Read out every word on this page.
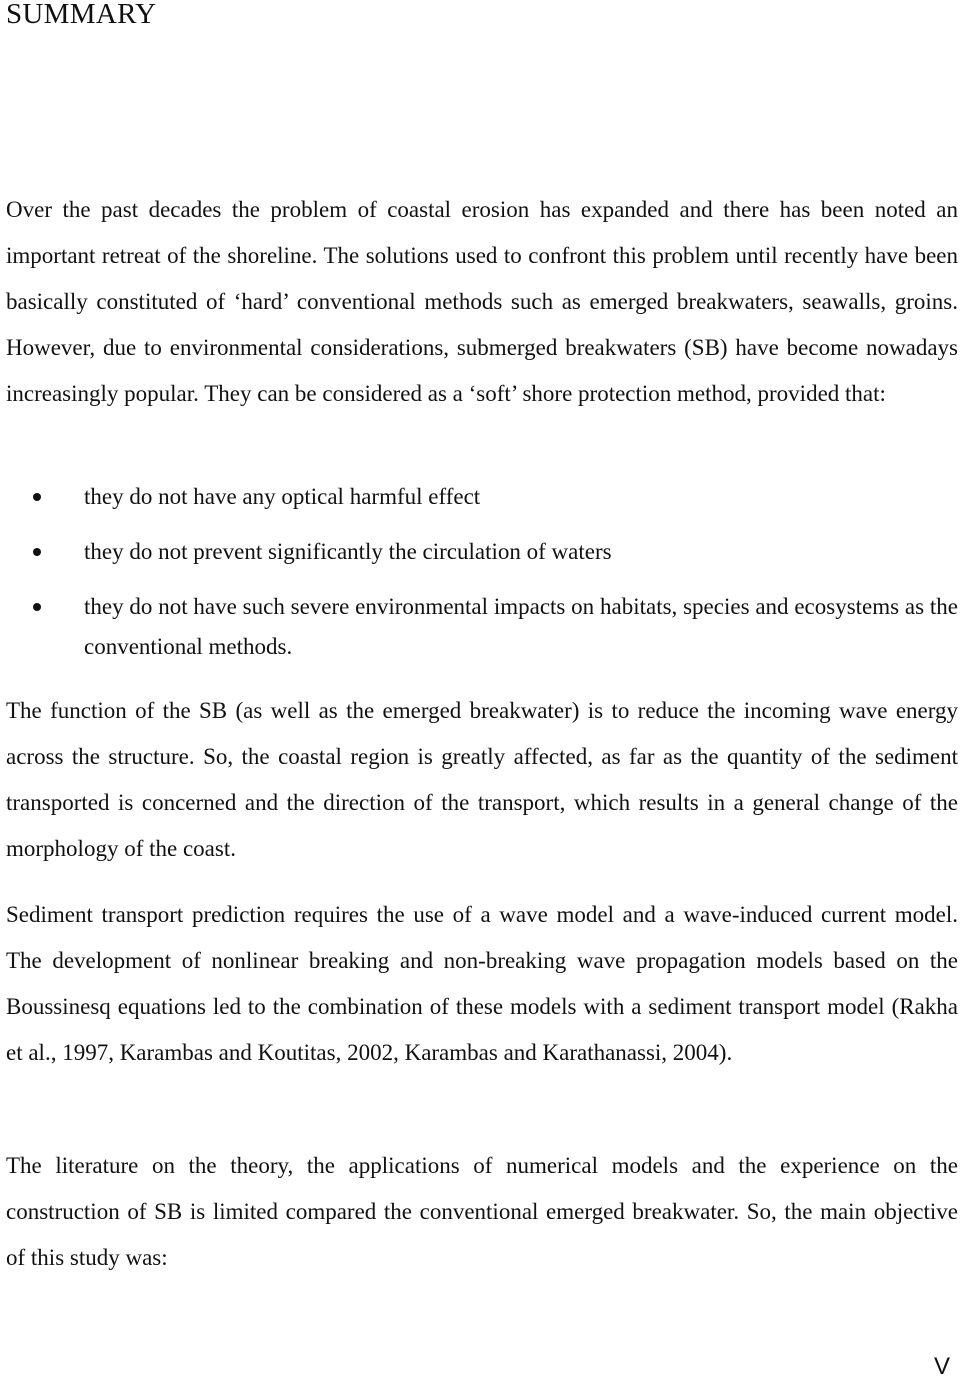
SUMMARY

Over the past decades the problem of coastal erosion has expanded and there has been noted an important retreat of the shoreline. The solutions used to confront this problem until recently have been basically constituted of ‘hard’ conventional methods such as emerged breakwaters, seawalls, groins. However, due to environmental considerations, submerged breakwaters (SB) have become nowadays increasingly popular. They can be considered as a ‘soft’ shore protection method, provided that:

they do not have any optical harmful effect
they do not prevent significantly the circulation of waters
they do not have such severe environmental impacts on habitats, species and ecosystems as the conventional methods.

The function of the SB (as well as the emerged breakwater) is to reduce the incoming wave energy across the structure. So, the coastal region is greatly affected, as far as the quantity of the sediment transported is concerned and the direction of the transport, which results in a general change of the morphology of the coast.

Sediment transport prediction requires the use of a wave model and a wave-induced current model. The development of nonlinear breaking and non-breaking wave propagation models based on the Boussinesq equations led to the combination of these models with a sediment transport model (Rakha et al., 1997, Karambas and Koutitas, 2002, Karambas and Karathanassi, 2004).

The literature on the theory, the applications of numerical models and the experience on the construction of SB is limited compared the conventional emerged breakwater. So, the main objective of this study was:

V
